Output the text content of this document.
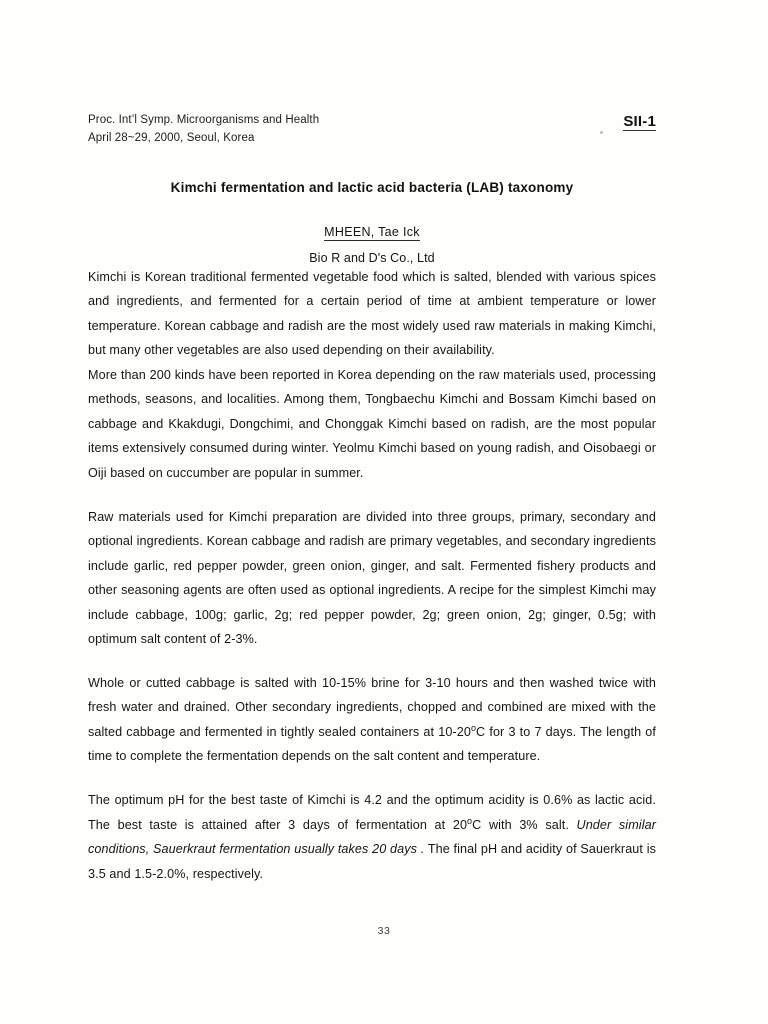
Proc. Int’l Symp. Microorganisms and Health
April 28~29, 2000, Seoul, Korea
SII-1
Kimchi fermentation and lactic acid bacteria (LAB) taxonomy
MHEEN, Tae Ick
Bio R and D's Co., Ltd

Kimchi is Korean traditional fermented vegetable food which is salted, blended with various spices and ingredients, and fermented for a certain period of time at ambient temperature or lower temperature. Korean cabbage and radish are the most widely used raw materials in making Kimchi, but many other vegetables are also used depending on their availability.

More than 200 kinds have been reported in Korea depending on the raw materials used, processing methods, seasons, and localities. Among them, Tongbaechu Kimchi and Bossam Kimchi based on cabbage and Kkakdugi, Dongchimi, and Chonggak Kimchi based on radish, are the most popular items extensively consumed during winter. Yeolmu Kimchi based on young radish, and Oisobaegi or Oiji based on cuccumber are popular in summer.

Raw materials used for Kimchi preparation are divided into three groups, primary, secondary and optional ingredients. Korean cabbage and radish are primary vegetables, and secondary ingredients include garlic, red pepper powder, green onion, ginger, and salt. Fermented fishery products and other seasoning agents are often used as optional ingredients. A recipe for the simplest Kimchi may include cabbage, 100g; garlic, 2g; red pepper powder, 2g; green onion, 2g; ginger, 0.5g; with optimum salt content of 2-3%.

Whole or cutted cabbage is salted with 10-15% brine for 3-10 hours and then washed twice with fresh water and drained. Other secondary ingredients, chopped and combined are mixed with the salted cabbage and fermented in tightly sealed containers at 10-20$^o$C for 3 to 7 days. The length of time to complete the fermentation depends on the salt content and temperature.

The optimum pH for the best taste of Kimchi is 4.2 and the optimum acidity is 0.6% as lactic acid. The best taste is attained after 3 days of fermentation at 20$^o$C with 3% salt. Under similar conditions, Sauerkraut fermentation usually takes 20 days . The final pH and acidity of Sauerkraut is 3.5 and 1.5-2.0%, respectively.

33
